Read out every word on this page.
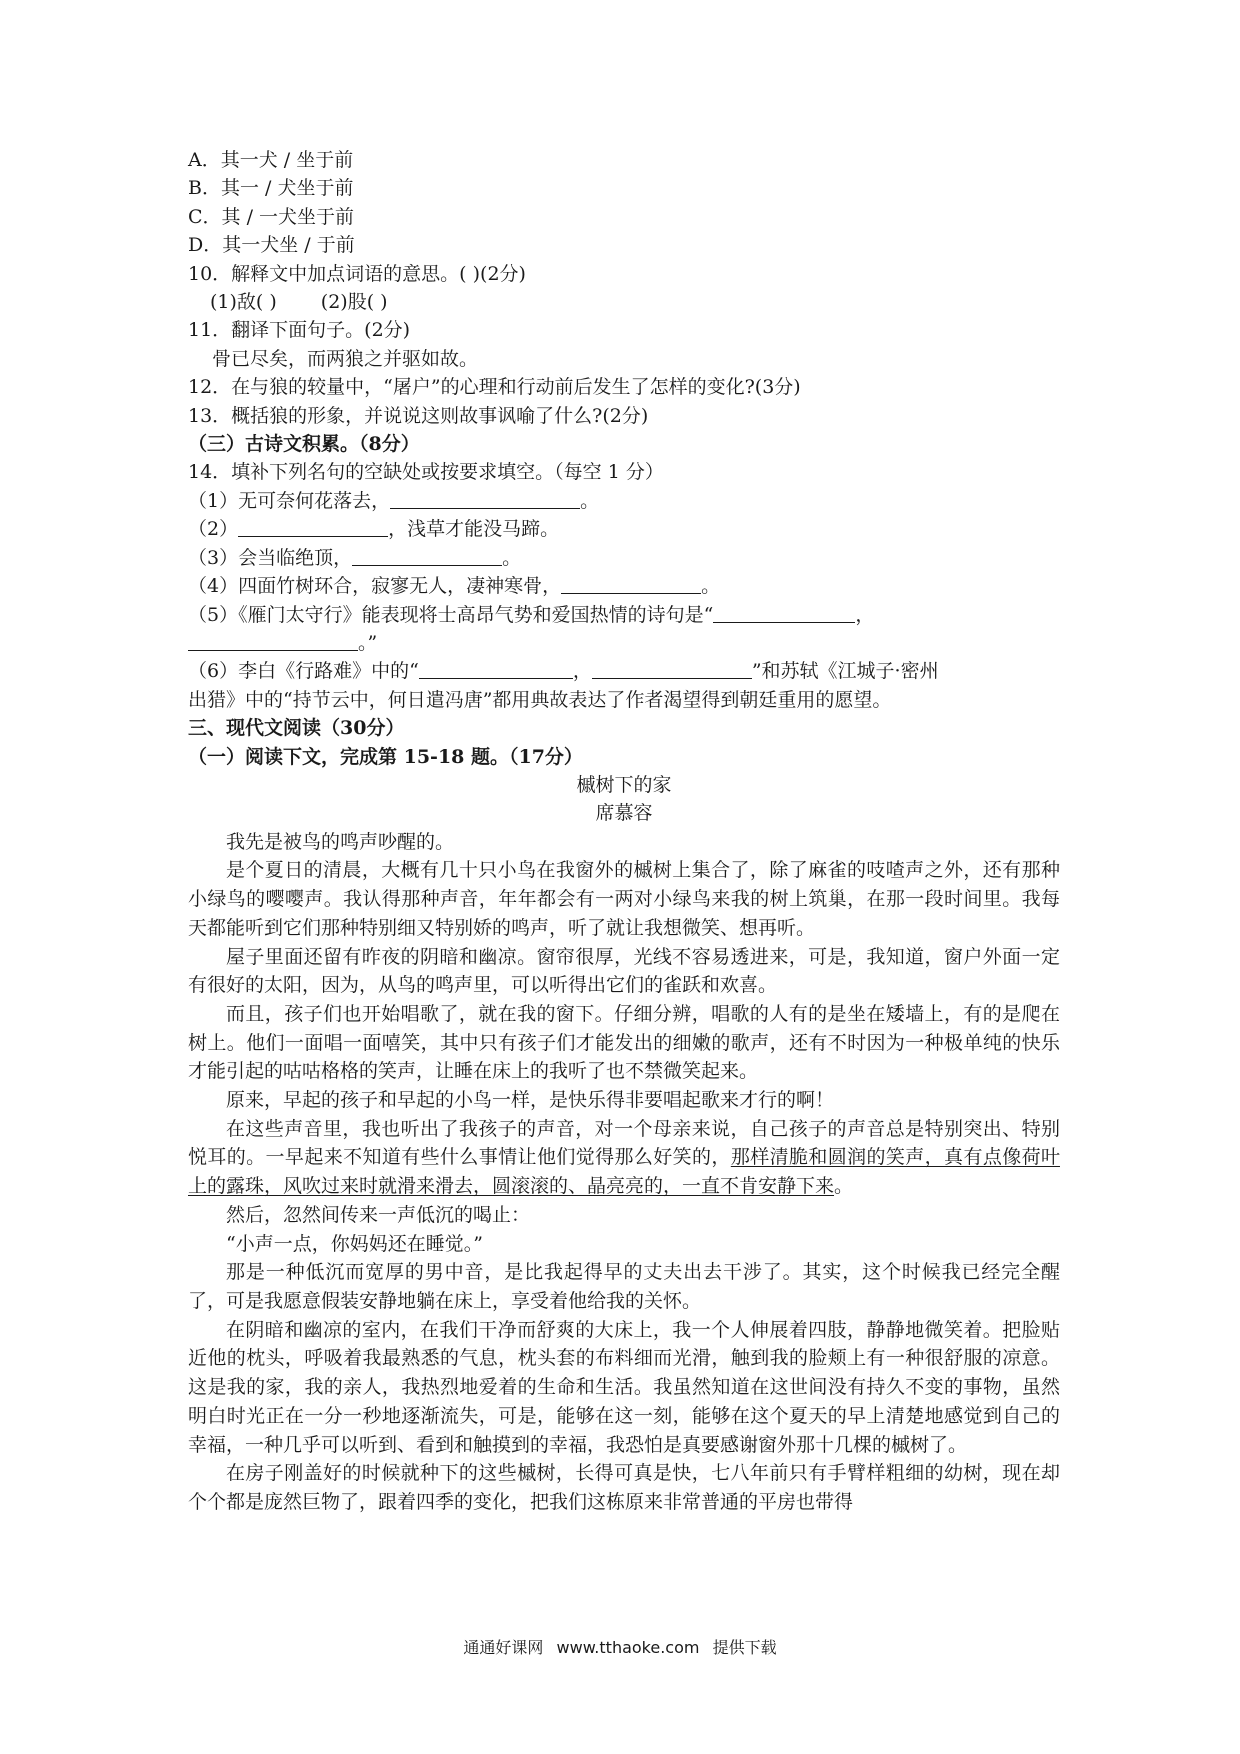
A．其一犬 / 坐于前
B．其一 / 犬坐于前
C．其 / 一犬坐于前
D．其一犬坐 / 于前
10．解释文中加点词语的意思。( )(2分)
(1)敌( ) (2)股( )
11．翻译下面句子。(2分)
骨已尽矣，而两狼之并驱如故。
12．在与狼的较量中，“屠户”的心理和行动前后发生了怎样的变化?(3分)
13．概括狼的形象，并说说这则故事讽喻了什么?(2分)
（三）古诗文积累。（8分）
14．填补下列名句的空缺处或按要求填空。（每空 1 分）
（1）无可奈何花落去，	。
（2）	，浅草才能没马蹄。
（3）会当临绝顶，	。
（4）四面竹树环合，寂寥无人，凄神寒骨，	。
（5）《雁门太守行》能表现将士高昂气势和爱国热情的诗句是“	，
。”
（6）李白《行路难》中的“	，	”和苏轼《江城子·密州
出猎》中的“持节云中，何日遣冯唐”都用典故表达了作者渴望得到朝廷重用的愿望。
三、现代文阅读（30分）
（一）阅读下文，完成第 15-18 题。（17分）
槭树下的家
席慕容

我先是被鸟的鸣声吵醒的。

是个夏日的清晨，大概有几十只小鸟在我窗外的槭树上集合了，除了麻雀的吱喳声之外，还有那种小绿鸟的嘤嘤声。我认得那种声音，年年都会有一两对小绿鸟来我的树上筑巢，在那一段时间里。我每天都能听到它们那种特别细又特别娇的鸣声，听了就让我想微笑、想再听。

屋子里面还留有昨夜的阴暗和幽凉。窗帘很厚，光线不容易透进来，可是，我知道，窗户外面一定有很好的太阳，因为，从鸟的鸣声里，可以听得出它们的雀跃和欢喜。

而且，孩子们也开始唱歌了，就在我的窗下。仔细分辨，唱歌的人有的是坐在矮墙上，有的是爬在树上。他们一面唱一面嘻笑，其中只有孩子们才能发出的细嫩的歌声，还有不时因为一种极单纯的快乐才能引起的咕咕格格的笑声，让睡在床上的我听了也不禁微笑起来。

原来，早起的孩子和早起的小鸟一样，是快乐得非要唱起歌来才行的啊！

在这些声音里，我也听出了我孩子的声音，对一个母亲来说，自己孩子的声音总是特别突出、特别悦耳的。一早起来不知道有些什么事情让他们觉得那么好笑的，那样清脆和圆润的笑声，真有点像荷叶上的露珠，风吹过来时就滑来滑去，圆滚滚的、晶亮亮的，一直不肯安静下来。

然后，忽然间传来一声低沉的喝止：

“小声一点，你妈妈还在睡觉。”

那是一种低沉而宽厚的男中音，是比我起得早的丈夫出去干涉了。其实，这个时候我已经完全醒了，可是我愿意假装安静地躺在床上，享受着他给我的关怀。

在阴暗和幽凉的室内，在我们干净而舒爽的大床上，我一个人伸展着四肢，静静地微笑着。把脸贴近他的枕头，呼吸着我最熟悉的气息，枕头套的布料细而光滑，触到我的脸颊上有一种很舒服的凉意。这是我的家，我的亲人，我热烈地爱着的生命和生活。我虽然知道在这世间没有持久不变的事物，虽然明白时光正在一分一秒地逐渐流失，可是，能够在这一刻，能够在这个夏天的早上清楚地感觉到自己的幸福，一种几乎可以听到、看到和触摸到的幸福，我恐怕是真要感谢窗外那十几棵的槭树了。

在房子刚盖好的时候就种下的这些槭树，长得可真是快，七八年前只有手臂样粗细的幼树，现在却个个都是庞然巨物了，跟着四季的变化，把我们这栋原来非常普通的平房也带得

通通好课网 www.tthaoke.com 提供下载
